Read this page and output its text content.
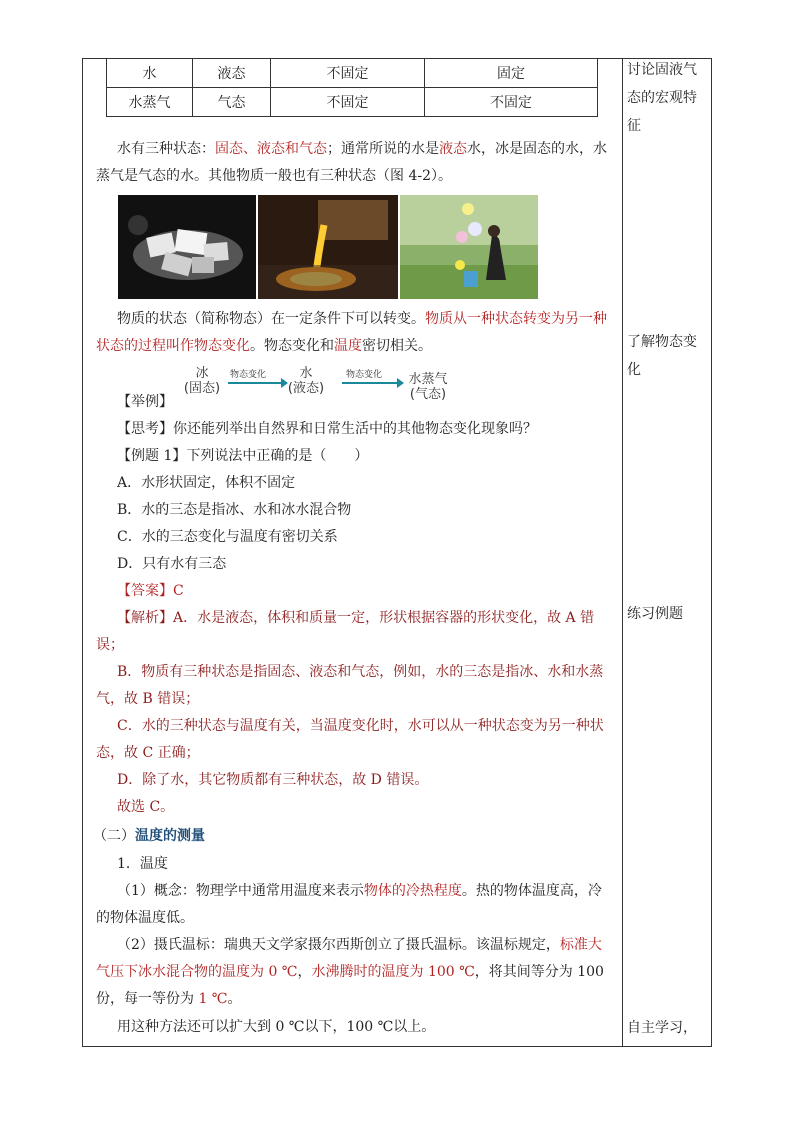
水	液态	不固定	固定
水蒸气	气态	不固定	不固定
讨论固液气
态的宏观特
征
了解物态变
化
练习例题
自主学习，
水有三种状态：固态、液态和气态；通常所说的水是液态水，冰是固态的水，水
蒸气是气态的水。其他物质一般也有三种状态（图 4-2）。
物质的状态（简称物态）在一定条件下可以转变。物质从一种状态转变为另一种
状态的过程叫作物态变化。物态变化和温度密切相关。
冰
(固态)
物态变化	水
(液态)
物态变化	水蒸气
(气态)
【举例】
【思考】你还能列举出自然界和日常生活中的其他物态变化现象吗？
【例题 1】下列说法中正确的是（　　）
A．水形状固定，体积不固定
B．水的三态是指冰、水和冰水混合物
C．水的三态变化与温度有密切关系
D．只有水有三态
【答案】C
【解析】A．水是液态，体积和质量一定，形状根据容器的形状变化，故 A 错
误；
B．物质有三种状态是指固态、液态和气态，例如，水的三态是指冰、水和水蒸
气，故 B 错误；
C．水的三种状态与温度有关，当温度变化时，水可以从一种状态变为另一种状
态，故 C 正确；
D．除了水，其它物质都有三种状态，故 D 错误。
故选 C。
（二）温度的测量
1．温度
（1）概念：物理学中通常用温度来表示物体的冷热程度。热的物体温度高，冷
的物体温度低。
（2）摄氏温标：瑞典天文学家摄尔西斯创立了摄氏温标。该温标规定，标准大
气压下冰水混合物的温度为 0 ℃，水沸腾时的温度为 100 ℃，将其间等分为 100
份，每一等份为 1 ℃。
用这种方法还可以扩大到 0 ℃以下，100 ℃以上。
